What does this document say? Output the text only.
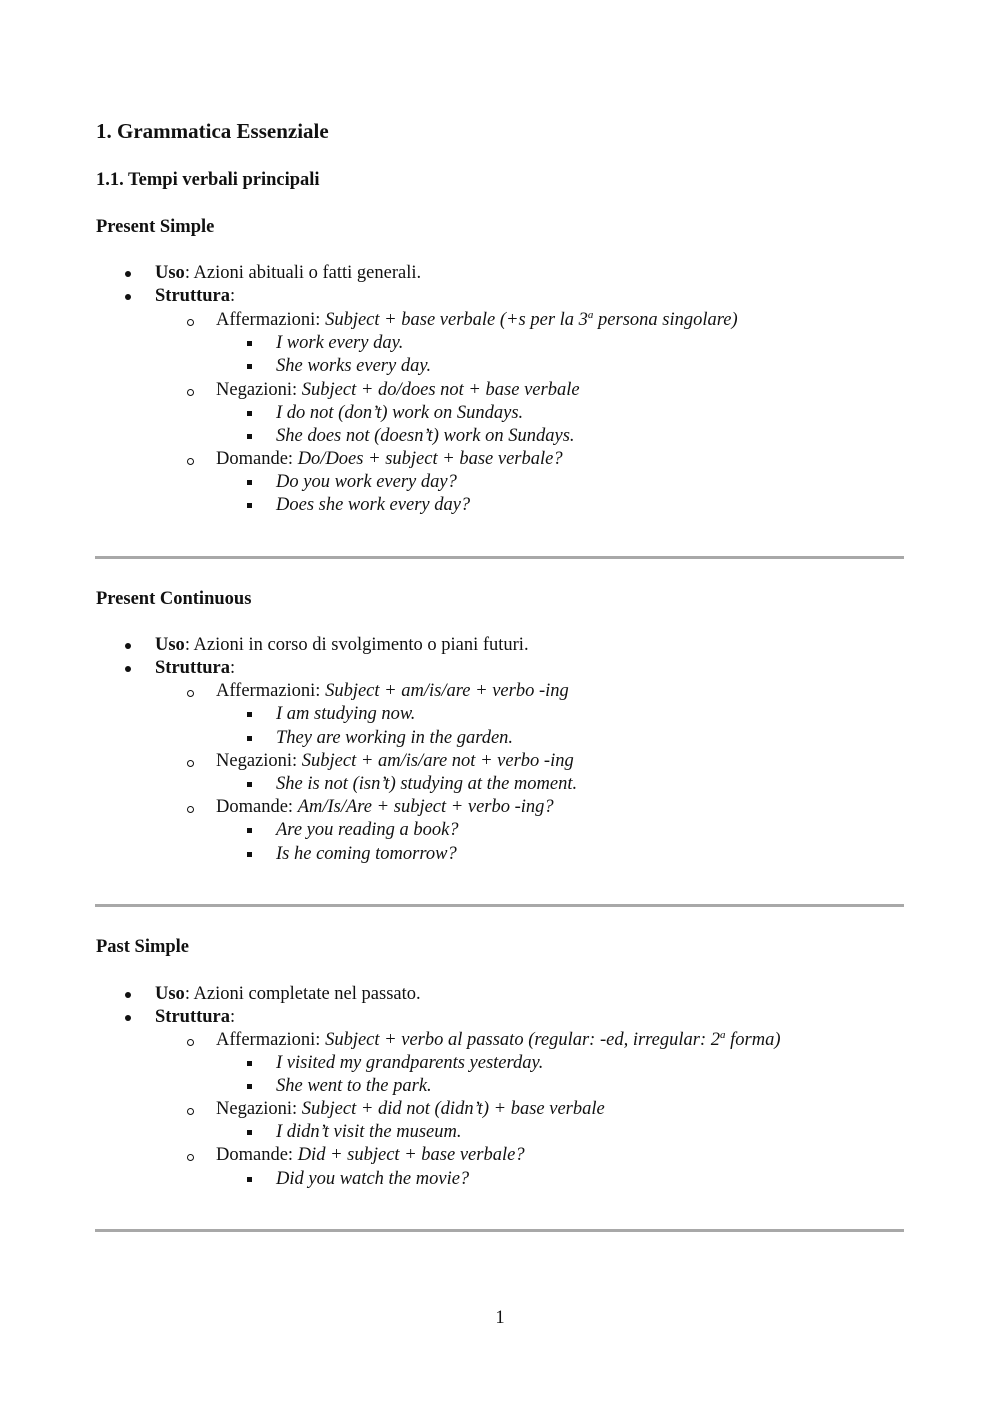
1. Grammatica Essenziale
1.1. Tempi verbali principali
Present Simple
Uso: Azioni abituali o fatti generali.
Struttura:
Affermazioni: Subject + base verbale (+s per la 3$^a$ persona singolare)
I work every day.
She works every day.
Negazioni: Subject + do/does not + base verbale
I do not (don’t) work on Sundays.
She does not (doesn’t) work on Sundays.
Domande: Do/Does + subject + base verbale?
Do you work every day?
Does she work every day?
Present Continuous
Uso: Azioni in corso di svolgimento o piani futuri.
Struttura:
Affermazioni: Subject + am/is/are + verbo -ing
I am studying now.
They are working in the garden.
Negazioni: Subject + am/is/are not + verbo -ing
She is not (isn’t) studying at the moment.
Domande: Am/Is/Are + subject + verbo -ing?
Are you reading a book?
Is he coming tomorrow?
Past Simple
Uso: Azioni completate nel passato.
Struttura:
Affermazioni: Subject + verbo al passato (regular: -ed, irregular: 2$^a$ forma)
I visited my grandparents yesterday.
She went to the park.
Negazioni: Subject + did not (didn’t) + base verbale
I didn’t visit the museum.
Domande: Did + subject + base verbale?
Did you watch the movie?
1
